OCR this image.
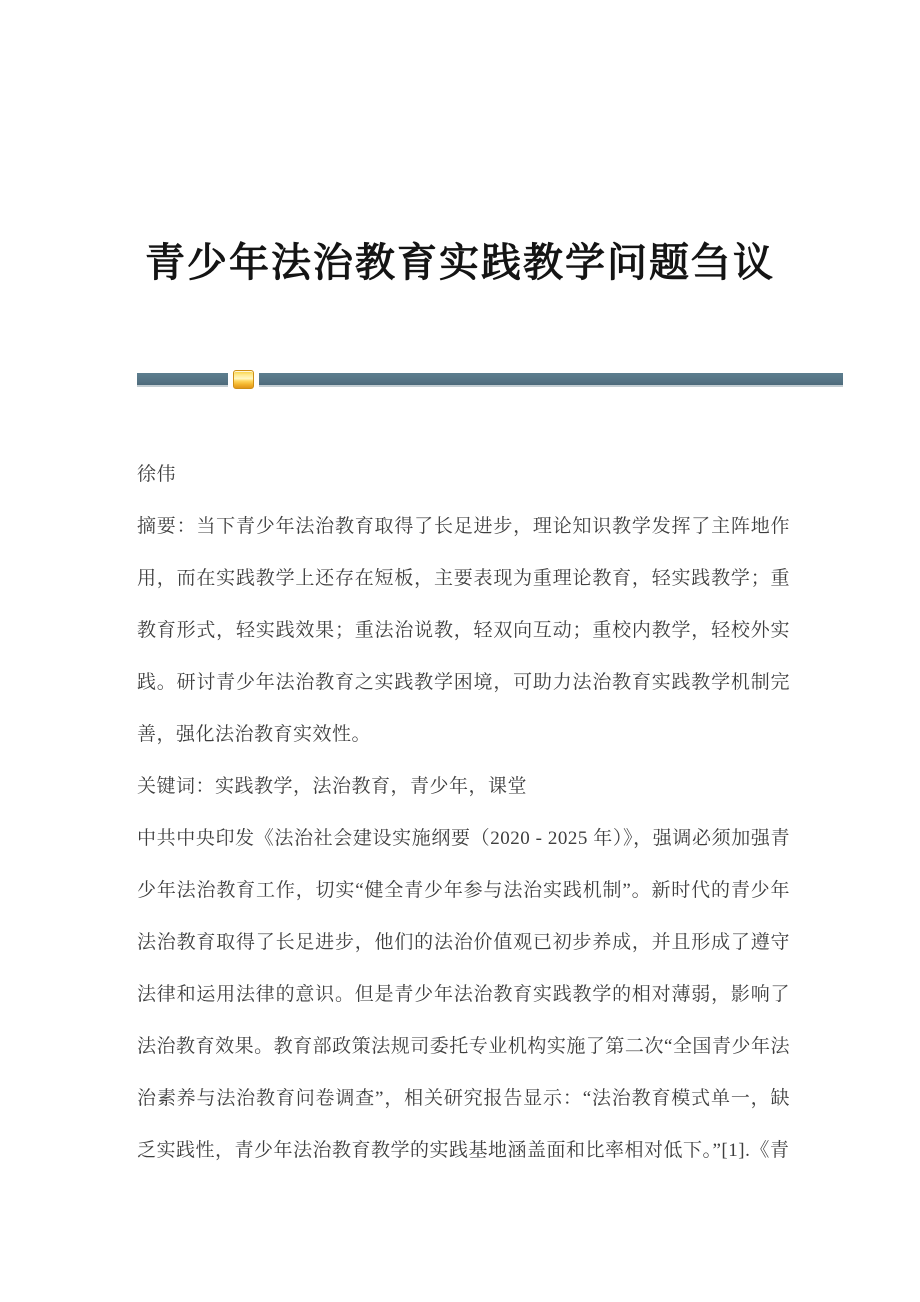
青少年法治教育实践教学问题刍议

徐伟

摘要：当下青少年法治教育取得了长足进步，理论知识教学发挥了主阵地作用，而在实践教学上还存在短板，主要表现为重理论教育，轻实践教学；重教育形式，轻实践效果；重法治说教，轻双向互动；重校内教学，轻校外实践。研讨青少年法治教育之实践教学困境，可助力法治教育实践教学机制完善，强化法治教育实效性。

关键词：实践教学，法治教育，青少年，课堂

中共中央印发《法治社会建设实施纲要（2020 - 2025 年）》，强调必须加强青少年法治教育工作，切实“健全青少年参与法治实践机制”。新时代的青少年法治教育取得了长足进步，他们的法治价值观已初步养成，并且形成了遵守法律和运用法律的意识。但是青少年法治教育实践教学的相对薄弱，影响了法治教育效果。教育部政策法规司委托专业机构实施了第二次“全国青少年法治素养与法治教育问卷调查”，相关研究报告显示：“法治教育模式单一，缺乏实践性，青少年法治教育教学的实践基地涵盖面和比率相对低下。”[1].《青
